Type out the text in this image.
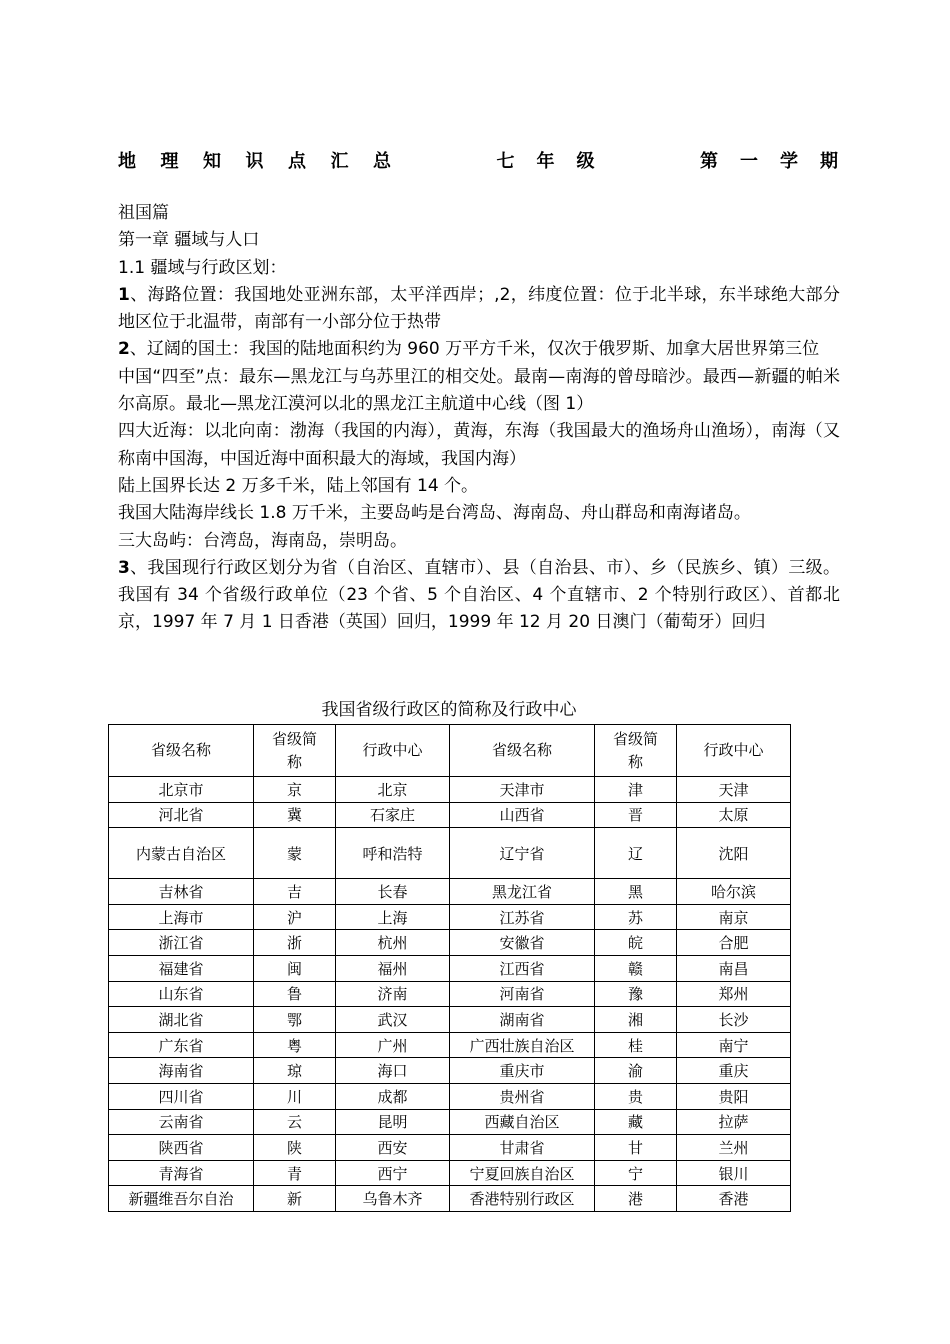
地 理 知 识 点 汇 总	七 年 级	第 一 学 期

祖国篇

第一章 疆域与人口

1.1 疆域与行政区划：

1、海路位置：我国地处亚洲东部，太平洋西岸；,2，纬度位置：位于北半球，东半球绝大部分地区位于北温带，南部有一小部分位于热带

2、辽阔的国土：我国的陆地面积约为 960 万平方千米，仅次于俄罗斯、加拿大居世界第三位

中国“四至”点：最东—黑龙江与乌苏里江的相交处。最南—南海的曾母暗沙。最西—新疆的帕米尔高原。最北—黑龙江漠河以北的黑龙江主航道中心线（图 1）

四大近海：以北向南：渤海（我国的内海），黄海，东海（我国最大的渔场舟山渔场），南海（又称南中国海，中国近海中面积最大的海域，我国内海）

陆上国界长达 2 万多千米，陆上邻国有 14 个。

我国大陆海岸线长 1.8 万千米，主要岛屿是台湾岛、海南岛、舟山群岛和南海诸岛。

三大岛屿：台湾岛，海南岛，崇明岛。

3、我国现行行政区划分为省（自治区、直辖市）、县（自治县、市）、乡（民族乡、镇）三级。我国有 34 个省级行政单位（23 个省、5 个自治区、4 个直辖市、2 个特别行政区）、首都北京，1997 年 7 月 1 日香港（英国）回归，1999 年 12 月 20 日澳门（葡萄牙）回归

我国省级行政区的简称及行政中心
省级名称	省级简称	行政中心	省级名称	省级简称	行政中心
北京市	京	北京	天津市	津	天津
河北省	冀	石家庄	山西省	晋	太原
内蒙古自治区	蒙	呼和浩特	辽宁省	辽	沈阳
吉林省	吉	长春	黑龙江省	黑	哈尔滨
上海市	沪	上海	江苏省	苏	南京
浙江省	浙	杭州	安徽省	皖	合肥
福建省	闽	福州	江西省	赣	南昌
山东省	鲁	济南	河南省	豫	郑州
湖北省	鄂	武汉	湖南省	湘	长沙
广东省	粤	广州	广西壮族自治区	桂	南宁
海南省	琼	海口	重庆市	渝	重庆
四川省	川	成都	贵州省	贵	贵阳
云南省	云	昆明	西藏自治区	藏	拉萨
陕西省	陕	西安	甘肃省	甘	兰州
青海省	青	西宁	宁夏回族自治区	宁	银川
新疆维吾尔自治	新	乌鲁木齐	香港特别行政区	港	香港
